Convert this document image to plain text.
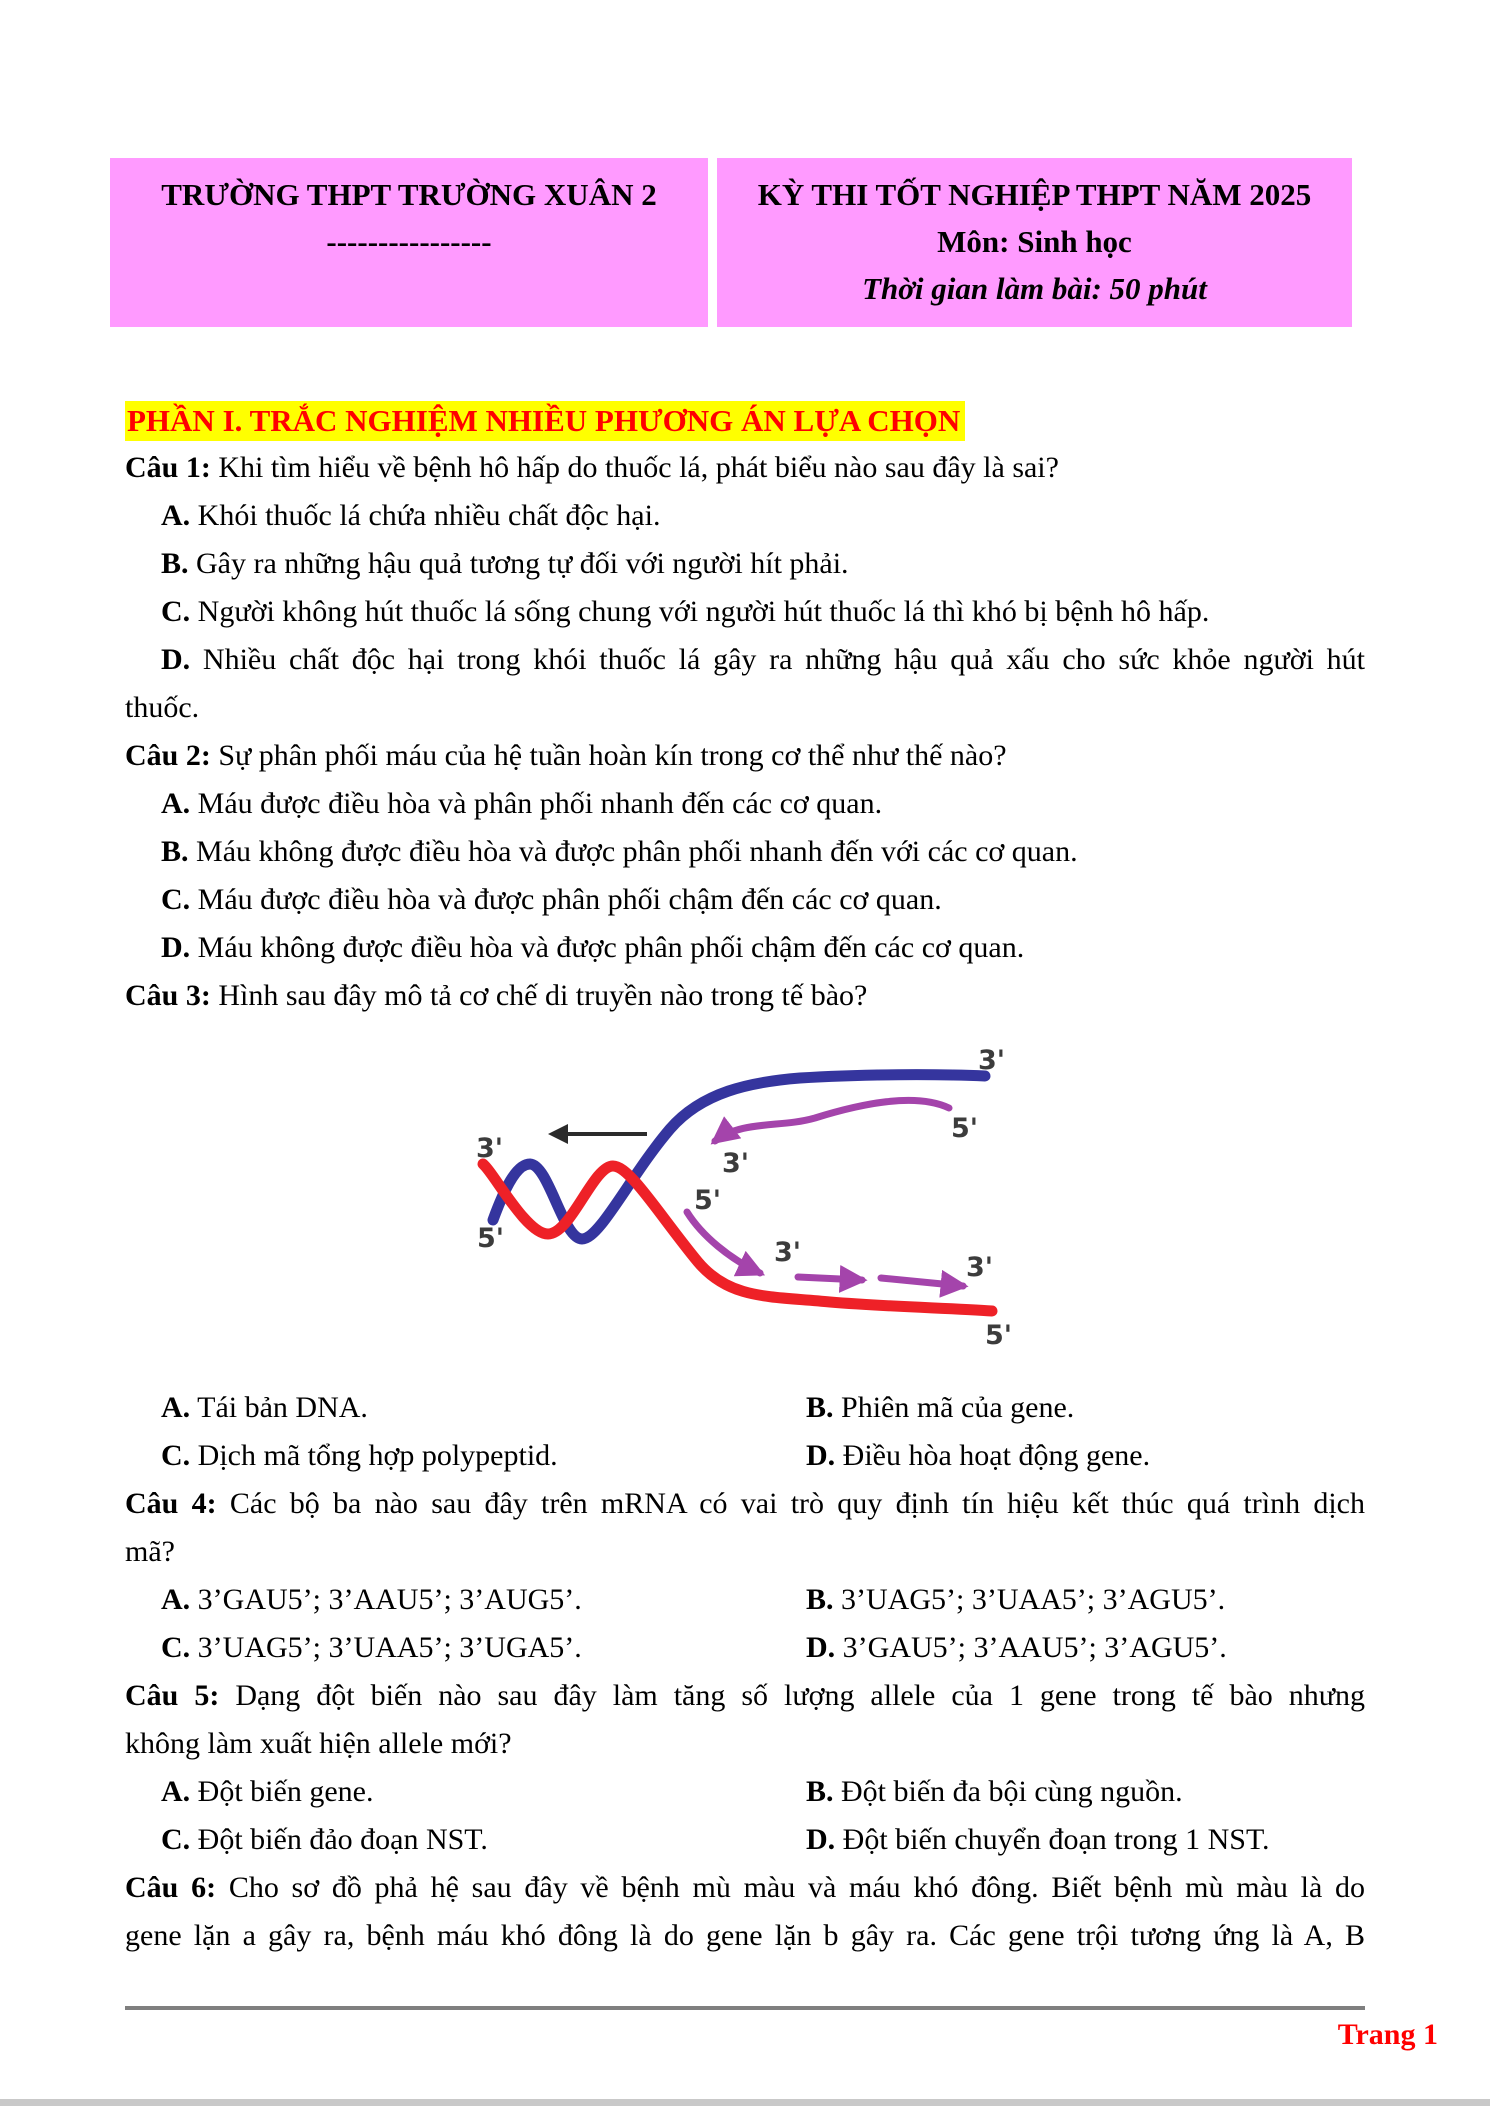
TRƯỜNG THPT TRƯỜNG XUÂN 2
----------------
KỲ THI TỐT NGHIỆP THPT NĂM 2025
Môn: Sinh học
Thời gian làm bài: 50 phút
PHẦN I. TRẮC NGHIỆM NHIỀU PHƯƠNG ÁN LỰA CHỌN
Câu 1: Khi tìm hiểu về bệnh hô hấp do thuốc lá, phát biểu nào sau đây là sai?
A. Khói thuốc lá chứa nhiều chất độc hại.
B. Gây ra những hậu quả tương tự đối với người hít phải.
C. Người không hút thuốc lá sống chung với người hút thuốc lá thì khó bị bệnh hô hấp.
D. Nhiều chất độc hại trong khói thuốc lá gây ra những hậu quả xấu cho sức khỏe người hút
thuốc.
Câu 2: Sự phân phối máu của hệ tuần hoàn kín trong cơ thể như thế nào?
A. Máu được điều hòa và phân phối nhanh đến các cơ quan.
B. Máu không được điều hòa và được phân phối nhanh đến với các cơ quan.
C. Máu được điều hòa và được phân phối chậm đến các cơ quan.
D. Máu không được điều hòa và được phân phối chậm đến các cơ quan.
Câu 3: Hình sau đây mô tả cơ chế di truyền nào trong tế bào?
3'
5'
3'
5'
3'
5'
3'	3'
5'
A. Tái bản DNA.	B. Phiên mã của gene.
C. Dịch mã tổng hợp polypeptid.	D. Điều hòa hoạt động gene.
Câu 4: Các bộ ba nào sau đây trên mRNA có vai trò quy định tín hiệu kết thúc quá trình dịch
mã?
A. 3’GAU5’; 3’AAU5’; 3’AUG5’.	B. 3’UAG5’; 3’UAA5’; 3’AGU5’.
C. 3’UAG5’; 3’UAA5’; 3’UGA5’.	D. 3’GAU5’; 3’AAU5’; 3’AGU5’.
Câu 5: Dạng đột biến nào sau đây làm tăng số lượng allele của 1 gene trong tế bào nhưng
không làm xuất hiện allele mới?
A. Đột biến gene.	B. Đột biến đa bội cùng nguồn.
C. Đột biến đảo đoạn NST.	D. Đột biến chuyển đoạn trong 1 NST.
Câu 6: Cho sơ đồ phả hệ sau đây về bệnh mù màu và máu khó đông. Biết bệnh mù màu là do
gene lặn a gây ra, bệnh máu khó đông là do gene lặn b gây ra. Các gene trội tương ứng là A, B
Trang 1
